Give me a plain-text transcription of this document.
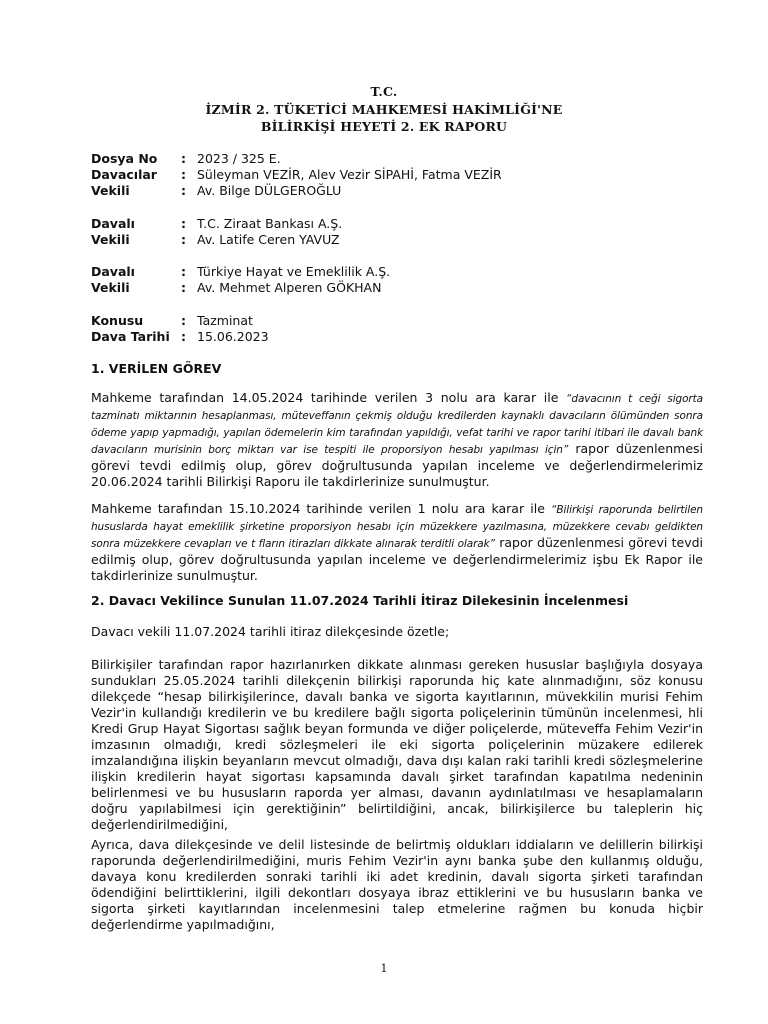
T.C.
İZMİR 2. TÜKETİCİ MAHKEMESİ HAKİMLİĞİ'NE
BİLİRKİŞİ HEYETİ 2. EK RAPORU
Dosya No : 2023 / 325 E.
Davacılar : Süleyman VEZİR, Alev Vezir SİPAHİ, Fatma VEZİR
Vekili	: Av. Bilge DÜLGEROĞLU
Davalı	: T.C. Ziraat Bankası A.Ş.
Vekili	: Av. Latife Ceren YAVUZ
Davalı	: Türkiye Hayat ve Emeklilik A.Ş.
Vekili	: Av. Mehmet Alperen GÖKHAN
Konusu	: Tazminat
Dava Tarihi : 15.06.2023
1. VERİLEN GÖREV
Mahkeme tarafından 14.05.2024 tarihinde verilen 3 nolu ara karar ile “davacının t ceği sigorta tazminatı miktarının hesaplanması, müteveffanın çekmiş olduğu kredilerden kaynaklı davacıların ölümünden sonra ödeme yapıp yapmadığı, yapılan ödemelerin kim tarafından yapıldığı, vefat tarihi ve rapor tarihi itibari ile davalı bank davacıların murisinin borç miktarı var ise tespiti ile proporsiyon hesabı yapılması için” rapor düzenlenmesi görevi tevdi edilmiş olup, görev doğrultusunda yapılan inceleme ve değerlendirmelerimiz 20.06.2024 tarihli Bilirkişi Raporu ile takdirlerinize sunulmuştur.
Mahkeme tarafından 15.10.2024 tarihinde verilen 1 nolu ara karar ile “Bilirkişi raporunda belirtilen hususlarda hayat emeklilik şirketine proporsiyon hesabı için müzekkere yazılmasına, müzekkere cevabı geldikten sonra müzekkere cevapları ve t fların itirazları dikkate alınarak terditli olarak” rapor düzenlenmesi görevi tevdi edilmiş olup, görev doğrultusunda yapılan inceleme ve değerlendirmelerimiz işbu Ek Rapor ile takdirlerinize sunulmuştur.
2. Davacı Vekilince Sunulan 11.07.2024 Tarihli İtiraz Dilekesinin İncelenmesi
Davacı vekili 11.07.2024 tarihli itiraz dilekçesinde özetle;
Bilirkişiler tarafından rapor hazırlanırken dikkate alınması gereken hususlar başlığıyla dosyaya sundukları 25.05.2024 tarihli dilekçenin bilirkişi raporunda hiç kate alınmadığını, söz konusu dilekçede “hesap bilirkişilerince, davalı banka ve sigorta kayıtlarının, müvekkilin murisi Fehim Vezir'in kullandığı kredilerin ve bu kredilere bağlı sigorta poliçelerinin tümünün incelenmesi, hli Kredi Grup Hayat Sigortası sağlık beyan formunda ve diğer poliçelerde, müteveffa Fehim Vezir'in imzasının olmadığı, kredi sözleşmeleri ile eki sigorta poliçelerinin müzakere edilerek imzalandığına ilişkin beyanların mevcut olmadığı, dava dışı kalan raki tarihli kredi sözleşmelerine ilişkin kredilerin hayat sigortası kapsamında davalı şirket tarafından kapatılma nedeninin belirlenmesi ve bu hususların raporda yer alması, davanın aydınlatılması ve hesaplamaların doğru yapılabilmesi için gerektiğinin” belirtildiğini, ancak, bilirkişilerce bu taleplerin hiç değerlendirilmediğini,
Ayrıca, dava dilekçesinde ve delil listesinde de belirtmiş oldukları iddiaların ve delillerin bilirkişi raporunda değerlendirilmediğini, muris Fehim Vezir'in aynı banka şube den kullanmış olduğu, davaya konu kredilerden sonraki tarihli iki adet kredinin, davalı sigorta şirketi tarafından ödendiğini belirttiklerini, ilgili dekontları dosyaya ibraz ettiklerini ve bu hususların banka ve sigorta şirketi kayıtlarından incelenmesini talep etmelerine rağmen bu konuda hiçbir değerlendirme yapılmadığını,
1
